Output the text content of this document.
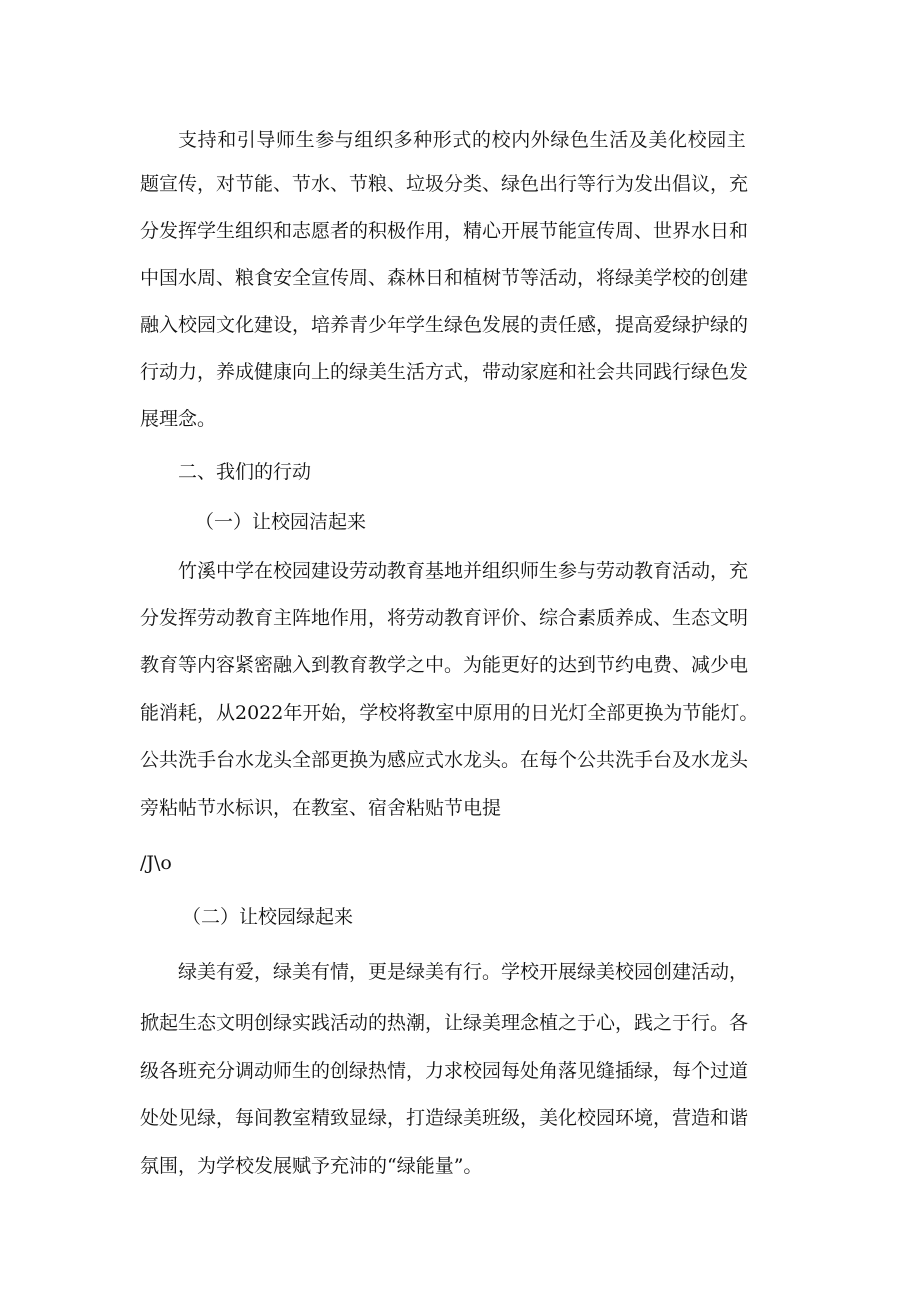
支持和引导师生参与组织多种形式的校内外绿色生活及美化校园主
题宣传，对节能、节水、节粮、垃圾分类、绿色出行等行为发出倡议，充
分发挥学生组织和志愿者的积极作用，精心开展节能宣传周、世界水日和
中国水周、粮食安全宣传周、森林日和植树节等活动，将绿美学校的创建
融入校园文化建设，培养青少年学生绿色发展的责任感，提高爱绿护绿的
行动力，养成健康向上的绿美生活方式，带动家庭和社会共同践行绿色发
展理念。
二、我们的行动
（一）让校园洁起来
竹溪中学在校园建设劳动教育基地并组织师生参与劳动教育活动，充
分发挥劳动教育主阵地作用，将劳动教育评价、综合素质养成、生态文明
教育等内容紧密融入到教育教学之中。为能更好的达到节约电费、减少电
能消耗，从2022年开始，学校将教室中原用的日光灯全部更换为节能灯。
公共洗手台水龙头全部更换为感应式水龙头。在每个公共洗手台及水龙头
旁粘帖节水标识，在教室、宿舍粘贴节电提
/J\o
（二）让校园绿起来
绿美有爱，绿美有情，更是绿美有行。学校开展绿美校园创建活动，
掀起生态文明创绿实践活动的热潮，让绿美理念植之于心，践之于行。各
级各班充分调动师生的创绿热情，力求校园每处角落见缝插绿，每个过道
处处见绿，每间教室精致显绿，打造绿美班级，美化校园环境，营造和谐
氛围，为学校发展赋予充沛的“绿能量”。
